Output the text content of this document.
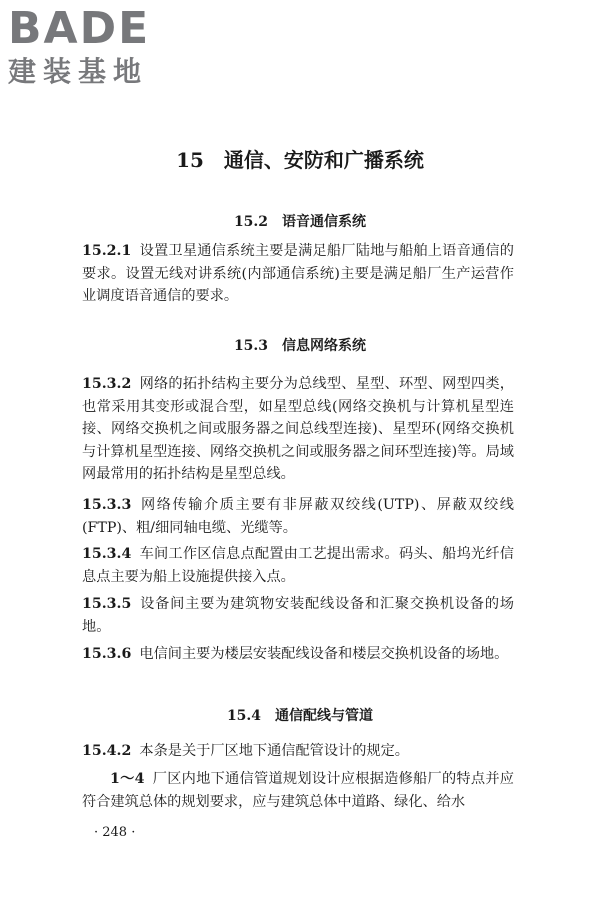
BADE
建装基地
15　通信、安防和广播系统
15.2　语音通信系统

15.2.1 设置卫星通信系统主要是满足船厂陆地与船舶上语音通信的要求。设置无线对讲系统(内部通信系统)主要是满足船厂生产运营作业调度语音通信的要求。

15.3　信息网络系统

15.3.2 网络的拓扑结构主要分为总线型、星型、环型、网型四类，也常采用其变形或混合型，如星型总线(网络交换机与计算机星型连接、网络交换机之间或服务器之间总线型连接)、星型环(网络交换机与计算机星型连接、网络交换机之间或服务器之间环型连接)等。局域网最常用的拓扑结构是星型总线。

15.3.3 网络传输介质主要有非屏蔽双绞线(UTP)、屏蔽双绞线(FTP)、粗/细同轴电缆、光缆等。

15.3.4 车间工作区信息点配置由工艺提出需求。码头、船坞光纤信息点主要为船上设施提供接入点。

15.3.5 设备间主要为建筑物安装配线设备和汇聚交换机设备的场地。

15.3.6 电信间主要为楼层安装配线设备和楼层交换机设备的场地。

15.4　通信配线与管道

15.4.2 本条是关于厂区地下通信配管设计的规定。

1～4 厂区内地下通信管道规划设计应根据造修船厂的特点并应符合建筑总体的规划要求，应与建筑总体中道路、绿化、给水

· 248 ·
